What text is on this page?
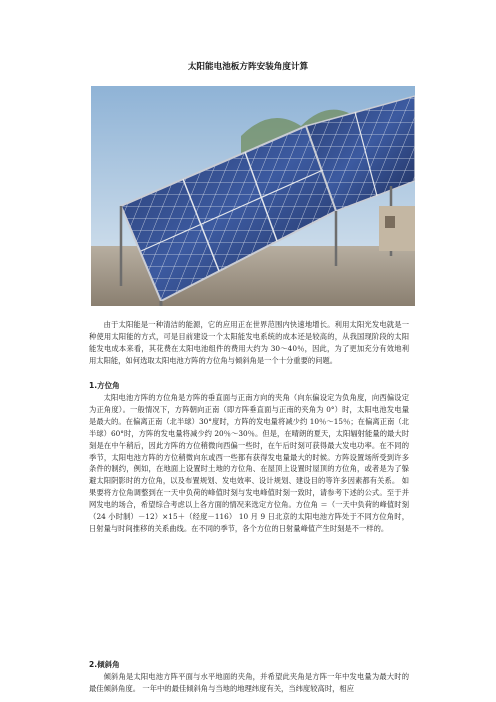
太阳能电池板方阵安装角度计算

由于太阳能是一种清洁的能源，它的应用正在世界范围内快速地增长。利用太阳光发电就是一种使用太阳能的方式，可是目前建设一个太阳能发电系统的成本还是较高的，从我国现阶段的太阳能发电成本来看，其花费在太阳电池组件的费用大约为 30～40％，因此，为了更加充分有效地利用太阳能，如何选取太阳电池方阵的方位角与倾斜角是一个十分重要的问题。

1.方位角

太阳电池方阵的方位角是方阵的垂直面与正南方向的夹角（向东偏设定为负角度，向西偏设定为正角度）。一般情况下，方阵朝向正南（即方阵垂直面与正南的夹角为 0°）时，太阳电池发电量是最大的。在偏离正南（北半球）30°度时，方阵的发电量将减少约 10％～15％；在偏离正南（北半球）60°时，方阵的发电量将减少约 20％～30％。但是，在晴朗的夏天，太阳辐射能量的最大时刻是在中午稍后，因此方阵的方位稍微向西偏一些时，在午后时刻可获得最大发电功率。在不同的季节，太阳电池方阵的方位稍微向东或西一些都有获得发电量最大的时候。方阵设置场所受到许多条件的制约，例如，在地面上设置时土地的方位角、在屋顶上设置时屋顶的方位角，或者是为了躲避太阳阴影时的方位角，以及布置规划、发电效率、设计规划、建设目的等许多因素都有关系。 如果要将方位角调整到在一天中负荷的峰值时刻与发电峰值时刻一致时，请参考下述的公式。至于并网发电的场合，希望综合考虑以上各方面的情况来选定方位角。方位角 ＝（一天中负荷的峰值时刻（24 小时制）－12）×15＋（经度－116） 10 月 9 日北京的太阳电池方阵处于不同方位角时，日射量与时间推移的关系曲线。在不同的季节，各个方位的日射量峰值产生时刻是不一样的。

2.倾斜角

倾斜角是太阳电池方阵平面与水平地面的夹角，并希望此夹角是方阵一年中发电量为最大时的最佳倾斜角度。 一年中的最佳倾斜角与当地的地理纬度有关，当纬度较高时，相应
